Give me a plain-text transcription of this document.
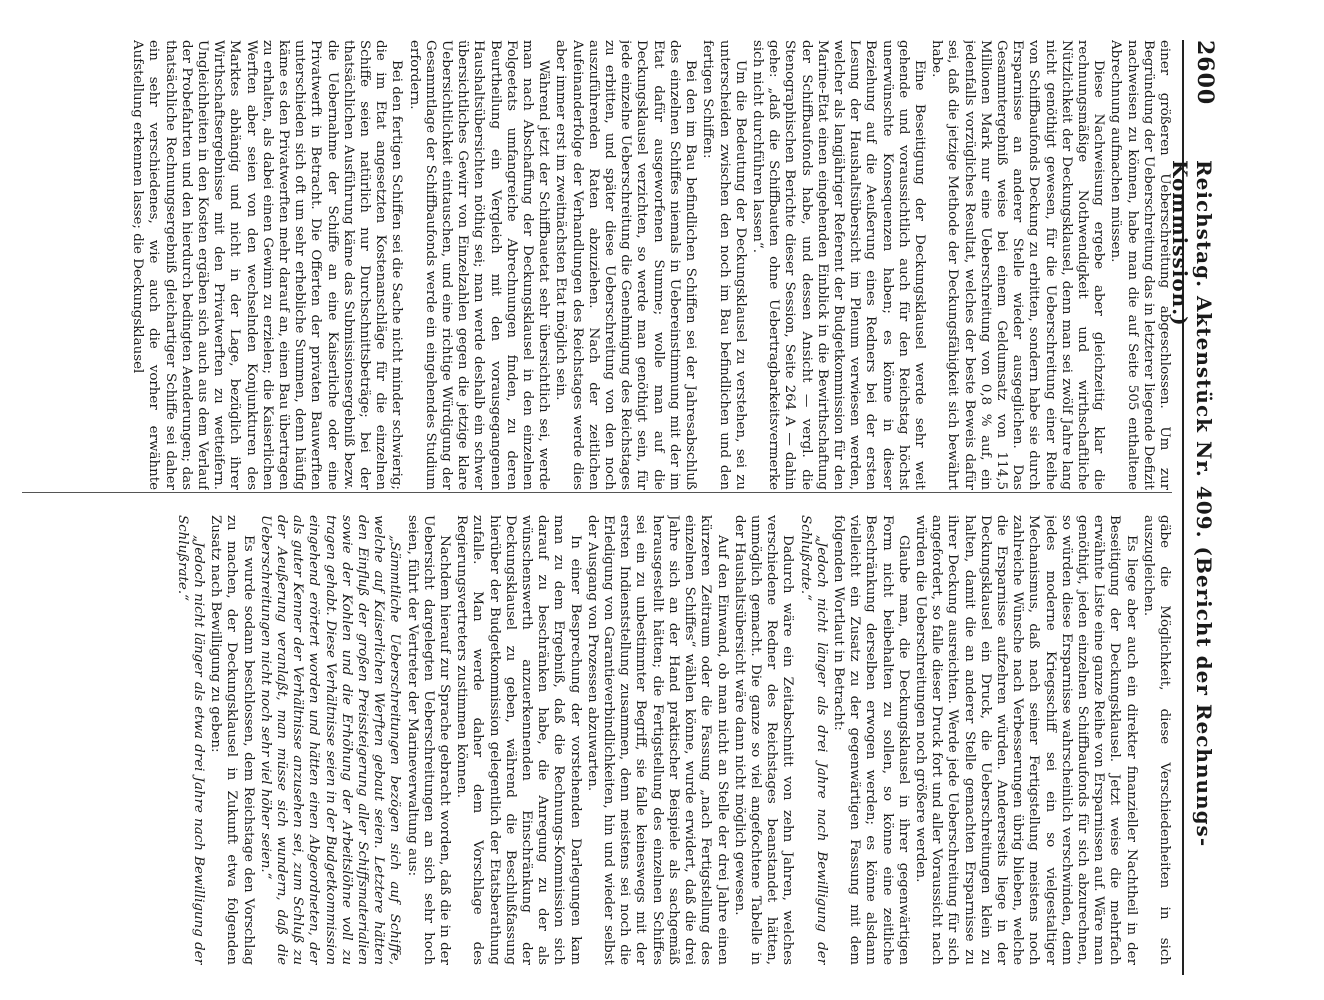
2600
Reichstag. Aktenstück Nr. 409. (Bericht der Rechnungs-Kommission.)

einer größeren Ueberschreitung abgeschlossen. Um zur Begründung der Ueberschreitung das in letzterer liegende Defizit nachweisen zu können, habe man die auf Seite 505 enthaltene Abrechnung aufmachen müssen.

Diese Nachweisung ergebe aber gleichzeitig klar die rechnungsmäßige Nothwendigkeit und wirthschaftliche Nützlichkeit der Deckungsklausel, denn man sei zwölf Jahre lang nicht genöthigt gewesen, für die Ueberschreitung einer Reihe von Schiffbaufonds Deckung zu erbitten, sondern habe sie durch Ersparnisse an anderer Stelle wieder ausgeglichen. Das Gesammtergebniß weise bei einem Geldumsatz von 114,5 Millionen Mark nur eine Ueberschreitung von 0,8 % auf, ein jedenfalls vorzügliches Resultat, welches der beste Beweis dafür sei, daß die jetzige Methode der Deckungsfähigkeit sich bewährt habe.

Eine Beseitigung der Deckungsklausel werde sehr weit gehende und voraussichtlich auch für den Reichstag höchst unerwünschte Konsequenzen haben; es könne in dieser Beziehung auf die Aeußerung eines Redners bei der ersten Lesung der Haushaltsübersicht im Plenum verwiesen werden, welcher als langjähriger Referent der Budgetkommission für den Marine-Etat einen eingehenden Einblick in die Bewirthschaftung der Schiffbaufonds habe, und dessen Ansicht — vergl. die Stenographischen Berichte dieser Session, Seite 264 A — dahin gehe: „daß die Schiffbauten ohne Uebertragbarkeitsvermerke sich nicht durchführen lassen“.

Um die Bedeutung der Deckungsklausel zu verstehen, sei zu unterscheiden zwischen den noch im Bau befindlichen und den fertigen Schiffen:

Bei den im Bau befindlichen Schiffen sei der Jahresabschluß des einzelnen Schiffes niemals in Uebereinstimmung mit der im Etat dafür ausgeworfenen Summe; wolle man auf die Deckungsklausel verzichten, so werde man genöthigt sein, für jede einzelne Ueberschreitung die Genehmigung des Reichstages zu erbitten, und später diese Ueberschreitung von den noch auszuführenden Raten abzuziehen. Nach der zeitlichen Aufeinanderfolge der Verhandlungen des Reichstages werde dies aber immer erst im zweitnächsten Etat möglich sein.

Während jetzt der Schiffbauetat sehr übersichtlich sei, werde man nach Abschaffung der Deckungsklausel in den einzelnen Folgeetats umfangreiche Abrechnungen finden, zu deren Beurtheilung ein Vergleich mit den vorausgegangenen Haushaltsübersichten nöthig sei; man werde deshalb ein schwer übersichtliches Gewirr von Einzelzahlen gegen die jetzige klare Uebersichtlichkeit eintauschen, und eine richtige Würdigung der Gesammtlage der Schiffbaufonds werde ein eingehendes Studium erfordern.

Bei den fertigen Schiffen sei die Sache nicht minder schwierig; die im Etat angesetzten Kostenanschläge für die einzelnen Schiffe seien natürlich nur Durchschnittsbeträge; bei der thatsächlichen Ausführung käme das Submissionsergebniß bezw. die Uebernahme der Schiffe an eine Kaiserliche oder eine Privatwerft in Betracht. Die Offerten der privaten Bauwerften unterschieden sich oft um sehr erhebliche Summen, denn häufig käme es den Privatwerften mehr darauf an, einen Bau übertragen zu erhalten, als dabei einen Gewinn zu erzielen; die Kaiserlichen Werften aber seien von den wechselnden Konjunkturen des Marktes abhängig und nicht in der Lage, bezüglich ihrer Wirthschaftsergebnisse mit den Privatwerften zu wetteifern. Ungleichheiten in den Kosten ergäben sich auch aus dem Verlauf der Probefahrten und den hierdurch bedingten Aenderungen; das thatsächliche Rechnungsergebniß gleichartiger Schiffe sei daher ein sehr verschiedenes, wie auch die vorher erwähnte Aufstellung erkennen lasse; die Deckungsklausel

gäbe die Möglichkeit, diese Verschiedenheiten in sich auszugleichen.

Es liege aber auch ein direkter finanzieller Nachtheil in der Beseitigung der Deckungsklausel. Jetzt weise die mehrfach erwähnte Liste eine ganze Reihe von Ersparnissen auf. Wäre man genöthigt, jeden einzelnen Schiffbaufonds für sich abzurechnen, so würden diese Ersparnisse wahrscheinlich verschwinden, denn jedes moderne Kriegsschiff sei ein so vielgestaltiger Mechanismus, daß nach seiner Fertigstellung meistens noch zahlreiche Wünsche nach Verbesserungen übrig blieben, welche die Ersparnisse aufzehren würden. Andererseits liege in der Deckungsklausel ein Druck, die Ueberschreitungen klein zu halten, damit die an anderer Stelle gemachten Ersparnisse zu ihrer Deckung ausreichten. Werde jede Ueberschreitung für sich angefordert, so falle dieser Druck fort und aller Voraussicht nach würden die Ueberschreitungen noch größere werden.

Glaube man, die Deckungsklausel in ihrer gegenwärtigen Form nicht beibehalten zu sollen, so könne eine zeitliche Beschränkung derselben erwogen werden; es könne alsdann vielleicht ein Zusatz zu der gegenwärtigen Fassung mit dem folgenden Wortlaut in Betracht:

„Jedoch nicht länger als drei Jahre nach Bewilligung der Schlußrate.“

Dadurch wäre ein Zeitabschnitt von zehn Jahren, welches verschiedene Redner des Reichstages beanstandet hätten, unmöglich gemacht. Die ganze so viel angefochtene Tabelle in der Haushaltsübersicht wäre dann nicht möglich gewesen.

Auf den Einwand, ob man nicht an Stelle der drei Jahre einen kürzeren Zeitraum oder die Fassung „nach Fertigstellung des einzelnen Schiffes“ wählen könne, wurde erwidert, daß die drei Jahre sich an der Hand praktischer Beispiele als sachgemäß herausgestellt hätten; die Fertigstellung des einzelnen Schiffes sei ein zu unbestimmter Begriff, sie falle keineswegs mit der ersten Indienststellung zusammen, denn meistens sei noch die Erledigung von Garantieverbindlichkeiten, hin und wieder selbst der Ausgang von Prozessen abzuwarten.

In einer Besprechung der vorstehenden Darlegungen kam man zu dem Ergebniß, daß die Rechnungs-Kommission sich darauf zu beschränken habe, die Anregung zu der als wünschenswerth anzuerkennenden Einschränkung der Deckungsklausel zu geben, während die Beschlußfassung hierüber der Budgetkommission gelegentlich der Etatsberathung zufalle. Man werde daher dem Vorschlage des Regierungsvertreters zustimmen können.

Nachdem hierauf zur Sprache gebracht worden, daß die in der Uebersicht dargelegten Ueberschreitungen an sich sehr hoch seien, führt der Vertreter der Marineverwaltung aus:

„Sämmtliche Ueberschreitungen bezögen sich auf Schiffe, welche auf Kaiserlichen Werften gebaut seien. Letztere hätten den Einfluß der großen Preissteigerung aller Schiffsmaterialien sowie der Kohlen und die Erhöhung der Arbeitslöhne voll zu tragen gehabt. Diese Verhältnisse seien in der Budgetkommission eingehend erörtert worden und hätten einen Abgeordneten, der als guter Kenner der Verhältnisse anzusehen sei, zum Schluß zu der Aeußerung veranlaßt, man müsse sich wundern, daß die Ueberschreitungen nicht noch sehr viel höher seien.“

Es wurde sodann beschlossen, dem Reichstage den Vorschlag zu machen, der Deckungsklausel in Zukunft etwa folgenden Zusatz nach Bewilligung zu geben:

„Jedoch nicht länger als etwa drei Jahre nach Bewilligung der Schlußrate.“
